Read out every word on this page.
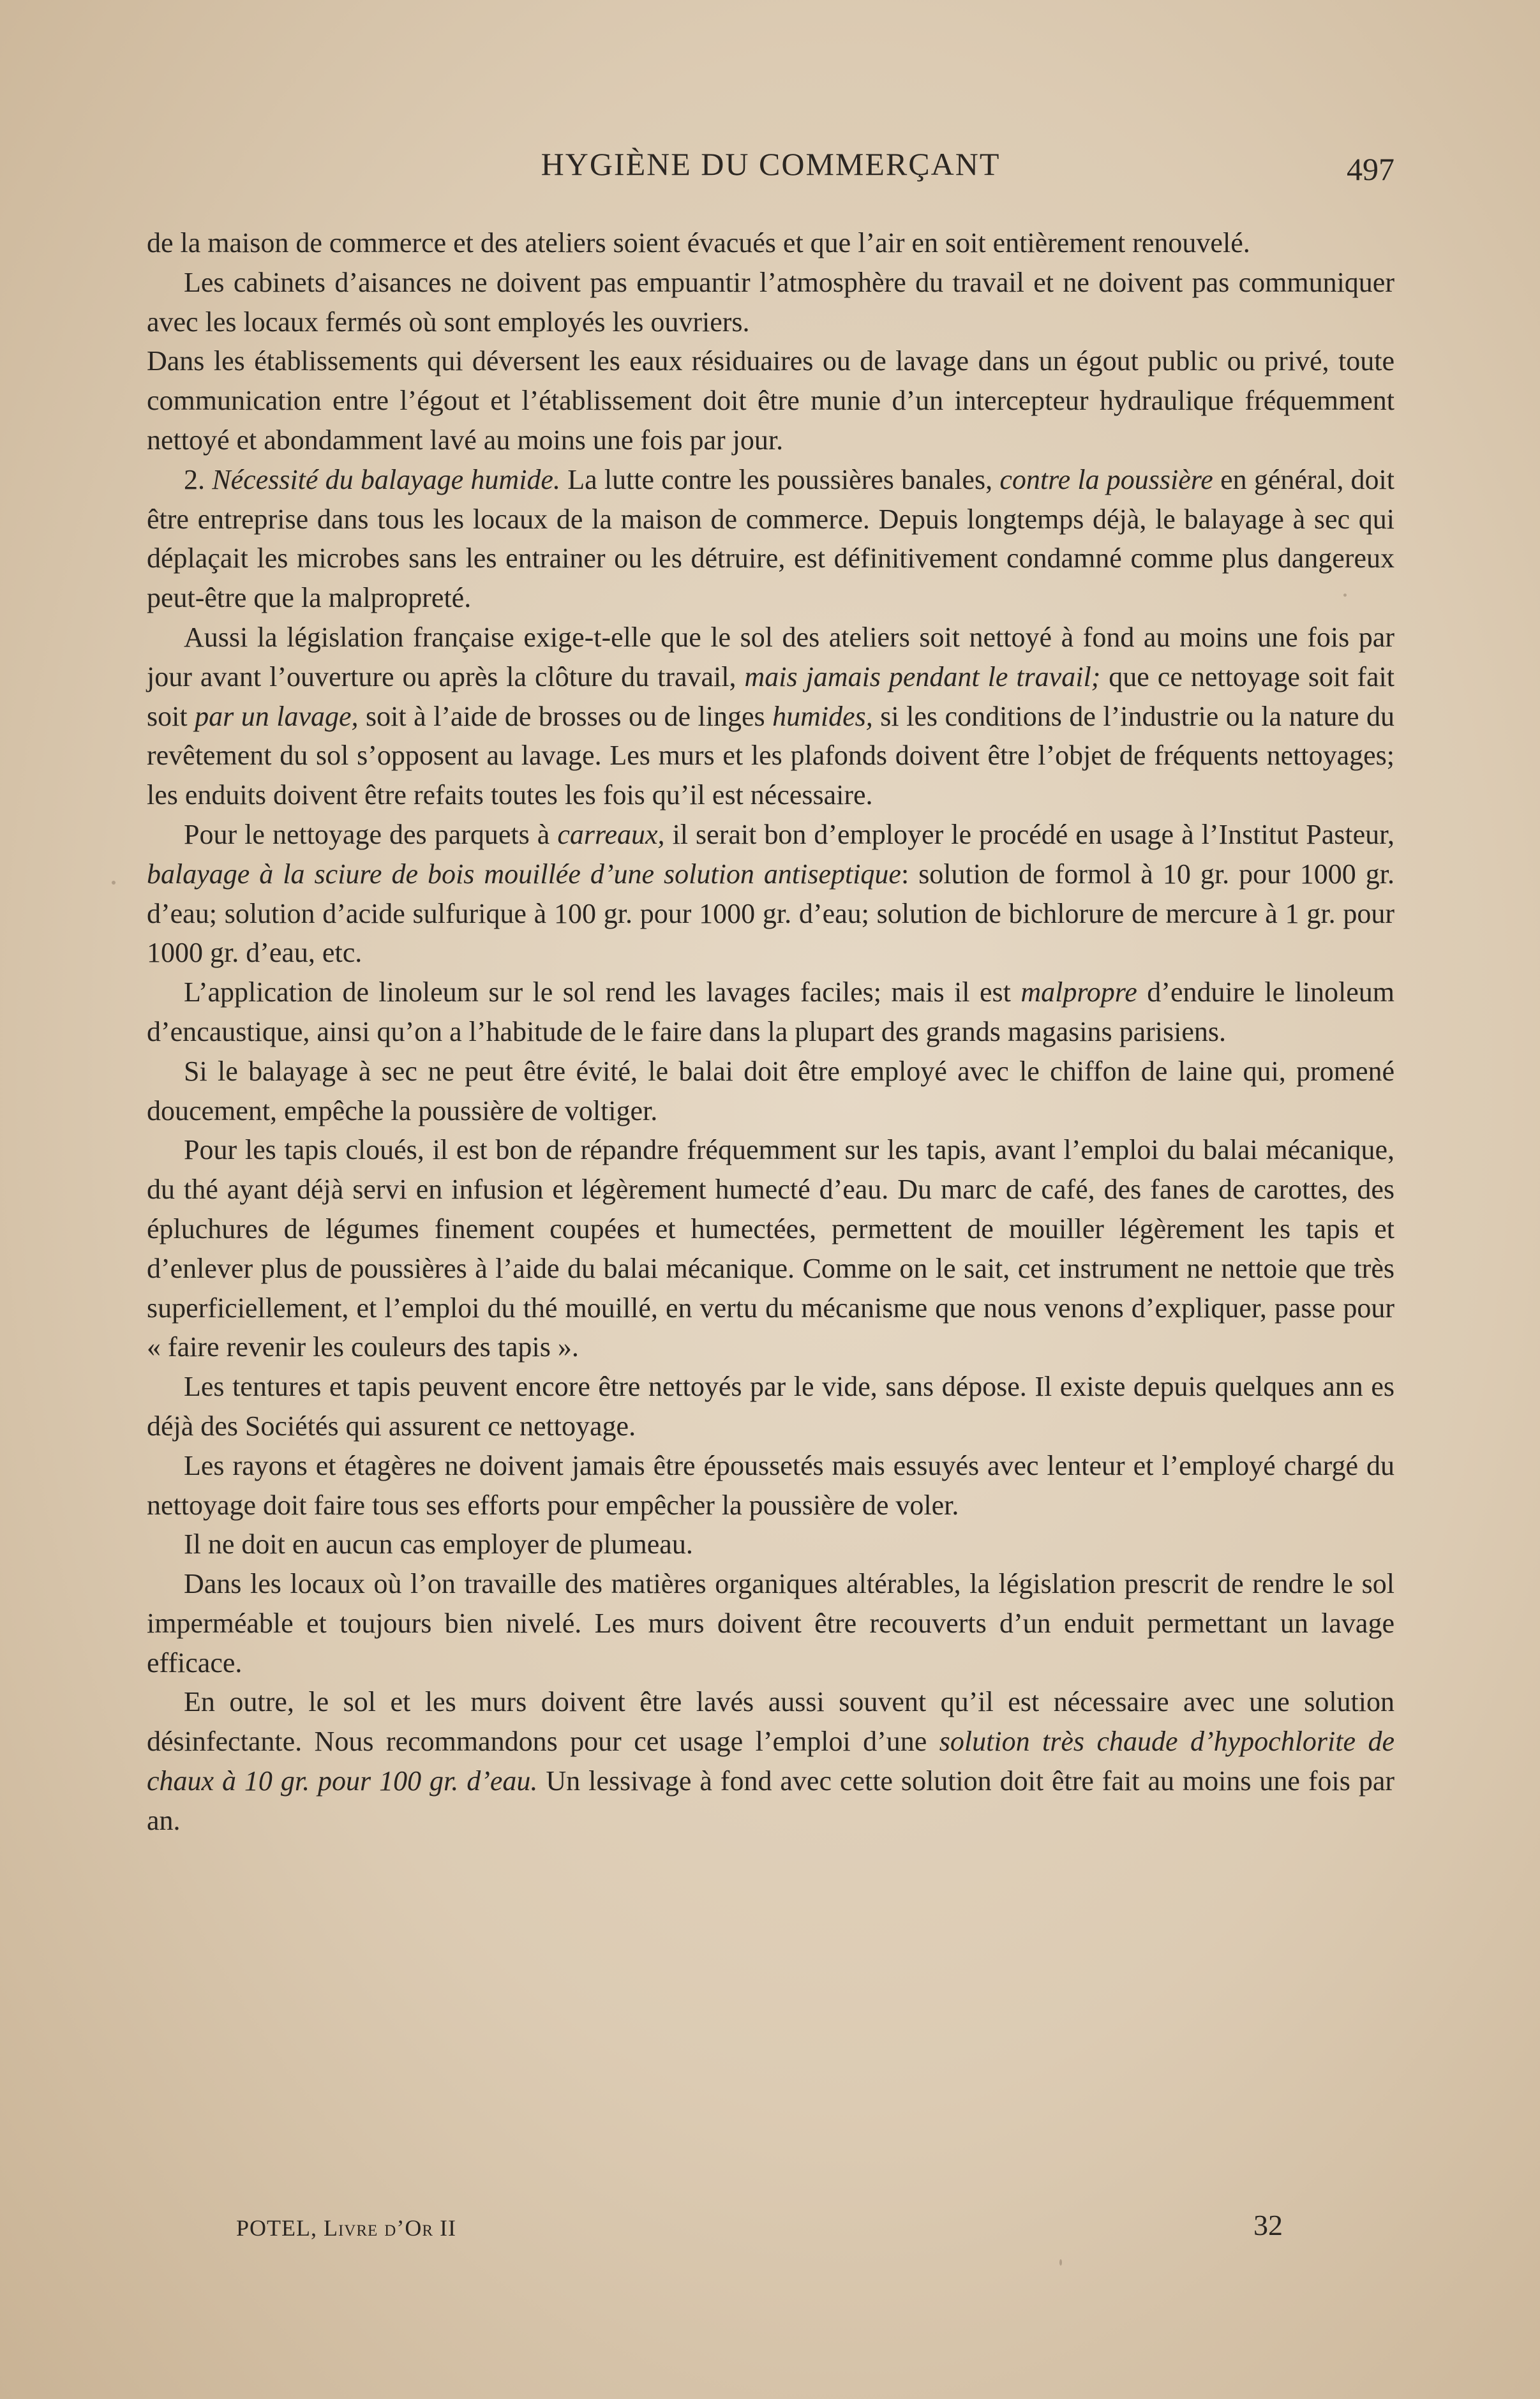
HYGIÈNE DU COMMERÇANT	497

de la maison de commerce et des ateliers soient évacués et que l’air en soit entièrement renouvelé.

Les cabinets d’aisances ne doivent pas empuantir l’atmosphère du travail et ne doivent pas communiquer avec les locaux fermés où sont employés les ouvriers.

Dans les établissements qui déversent les eaux résiduaires ou de lavage dans un égout public ou privé, toute communication entre l’égout et l’établissement doit être munie d’un intercepteur hydraulique fréquemment nettoyé et abondamment lavé au moins une fois par jour.

2. Nécessité du balayage humide. La lutte contre les poussières banales, contre la poussière en général, doit être entreprise dans tous les locaux de la maison de commerce. Depuis longtemps déjà, le balayage à sec qui déplaçait les microbes sans les entrainer ou les détruire, est définitivement condamné comme plus dangereux peut-être que la malpropreté.

Aussi la législation française exige-t-elle que le sol des ateliers soit nettoyé à fond au moins une fois par jour avant l’ouverture ou après la clôture du travail, mais jamais pendant le travail; que ce nettoyage soit fait soit par un lavage, soit à l’aide de brosses ou de linges humides, si les conditions de l’industrie ou la nature du revêtement du sol s’opposent au lavage. Les murs et les plafonds doivent être l’objet de fréquents nettoyages; les enduits doivent être refaits toutes les fois qu’il est nécessaire.

Pour le nettoyage des parquets à carreaux, il serait bon d’employer le procédé en usage à l’Institut Pasteur, balayage à la sciure de bois mouillée d’une solution antiseptique: solution de formol à 10 gr. pour 1000 gr. d’eau; solution d’acide sulfurique à 100 gr. pour 1000 gr. d’eau; solution de bichlorure de mercure à 1 gr. pour 1000 gr. d’eau, etc.

L’application de linoleum sur le sol rend les lavages faciles; mais il est malpropre d’enduire le linoleum d’encaustique, ainsi qu’on a l’habitude de le faire dans la plupart des grands magasins parisiens.

Si le balayage à sec ne peut être évité, le balai doit être employé avec le chiffon de laine qui, promené doucement, empêche la poussière de voltiger.

Pour les tapis cloués, il est bon de répandre fréquemment sur les tapis, avant l’emploi du balai mécanique, du thé ayant déjà servi en infusion et légèrement humecté d’eau. Du marc de café, des fanes de carottes, des épluchures de légumes finement coupées et humectées, permettent de mouiller légèrement les tapis et d’enlever plus de poussières à l’aide du balai mécanique. Comme on le sait, cet instrument ne nettoie que très superficiellement, et l’emploi du thé mouillé, en vertu du mécanisme que nous venons d’expliquer, passe pour « faire revenir les couleurs des tapis ».

Les tentures et tapis peuvent encore être nettoyés par le vide, sans dépose. Il existe depuis quelques ann es déjà des Sociétés qui assurent ce nettoyage.

Les rayons et étagères ne doivent jamais être époussetés mais essuyés avec lenteur et l’employé chargé du nettoyage doit faire tous ses efforts pour empêcher la poussière de voler.

Il ne doit en aucun cas employer de plumeau.

Dans les locaux où l’on travaille des matières organiques altérables, la législation prescrit de rendre le sol imperméable et toujours bien nivelé. Les murs doivent être recouverts d’un enduit permettant un lavage efficace.

En outre, le sol et les murs doivent être lavés aussi souvent qu’il est nécessaire avec une solution désinfectante. Nous recommandons pour cet usage l’emploi d’une solution très chaude d’hypochlorite de chaux à 10 gr. pour 100 gr. d’eau. Un lessivage à fond avec cette solution doit être fait au moins une fois par an.

POTEL, Livre d’Or II	32
